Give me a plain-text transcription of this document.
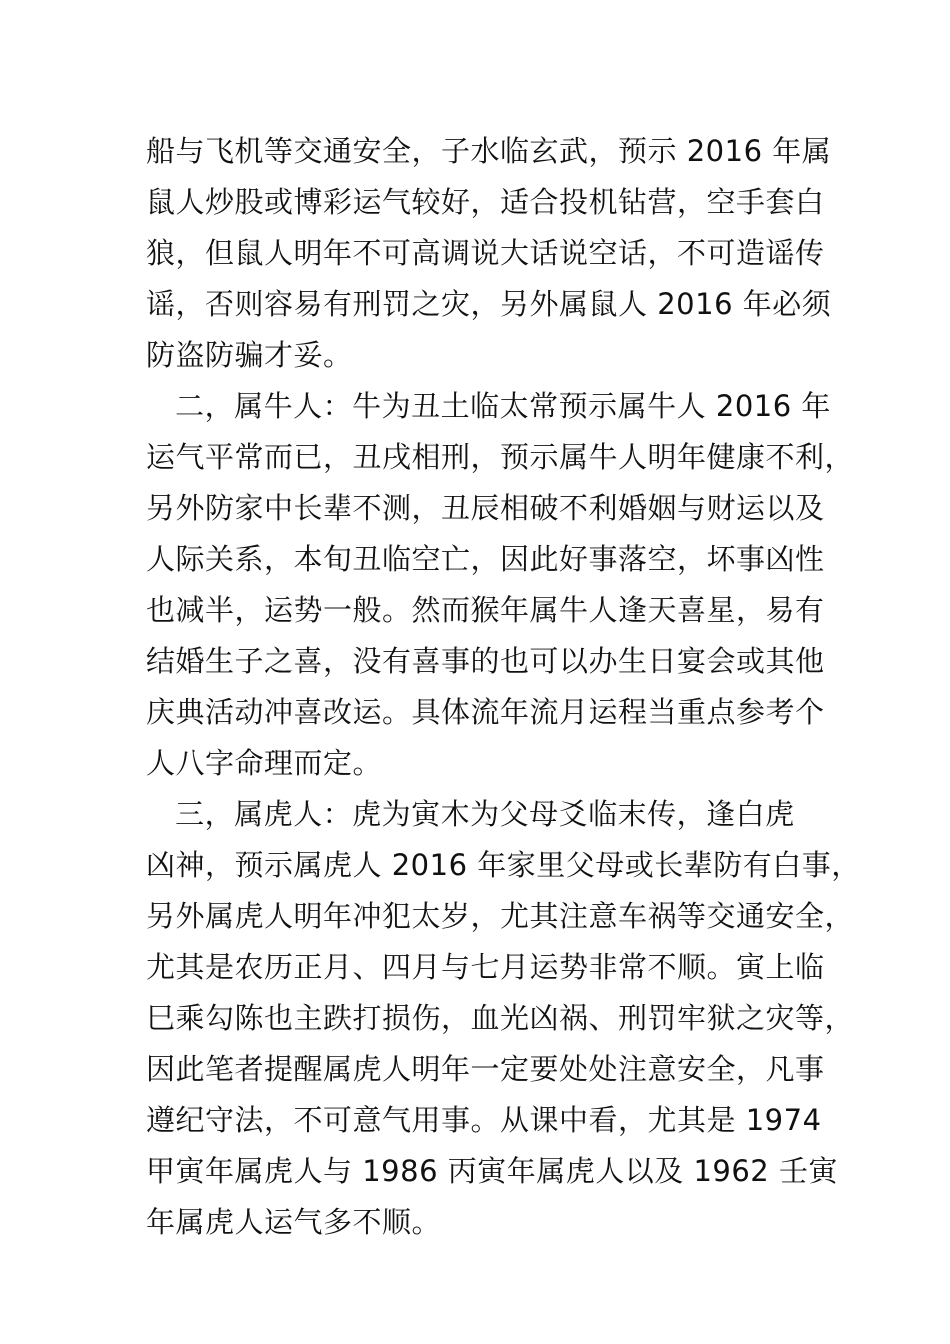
船与飞机等交通安全，子水临玄武，预示 2016 年属
鼠人炒股或博彩运气较好，适合投机钻营，空手套白
狼，但鼠人明年不可高调说大话说空话，不可造谣传
谣，否则容易有刑罚之灾，另外属鼠人 2016 年必须
防盗防骗才妥。
二，属牛人：牛为丑土临太常预示属牛人 2016 年
运气平常而已，丑戌相刑，预示属牛人明年健康不利，
另外防家中长辈不测，丑辰相破不利婚姻与财运以及
人际关系，本旬丑临空亡，因此好事落空，坏事凶性
也减半，运势一般。然而猴年属牛人逢天喜星，易有
结婚生子之喜，没有喜事的也可以办生日宴会或其他
庆典活动冲喜改运。具体流年流月运程当重点参考个
人八字命理而定。
三，属虎人：虎为寅木为父母爻临末传，逢白虎
凶神，预示属虎人 2016 年家里父母或长辈防有白事，
另外属虎人明年冲犯太岁，尤其注意车祸等交通安全，
尤其是农历正月、四月与七月运势非常不顺。寅上临
巳乘勾陈也主跌打损伤，血光凶祸、刑罚牢狱之灾等，
因此笔者提醒属虎人明年一定要处处注意安全，凡事
遵纪守法，不可意气用事。从课中看，尤其是 1974
甲寅年属虎人与 1986 丙寅年属虎人以及 1962 壬寅
年属虎人运气多不顺。
